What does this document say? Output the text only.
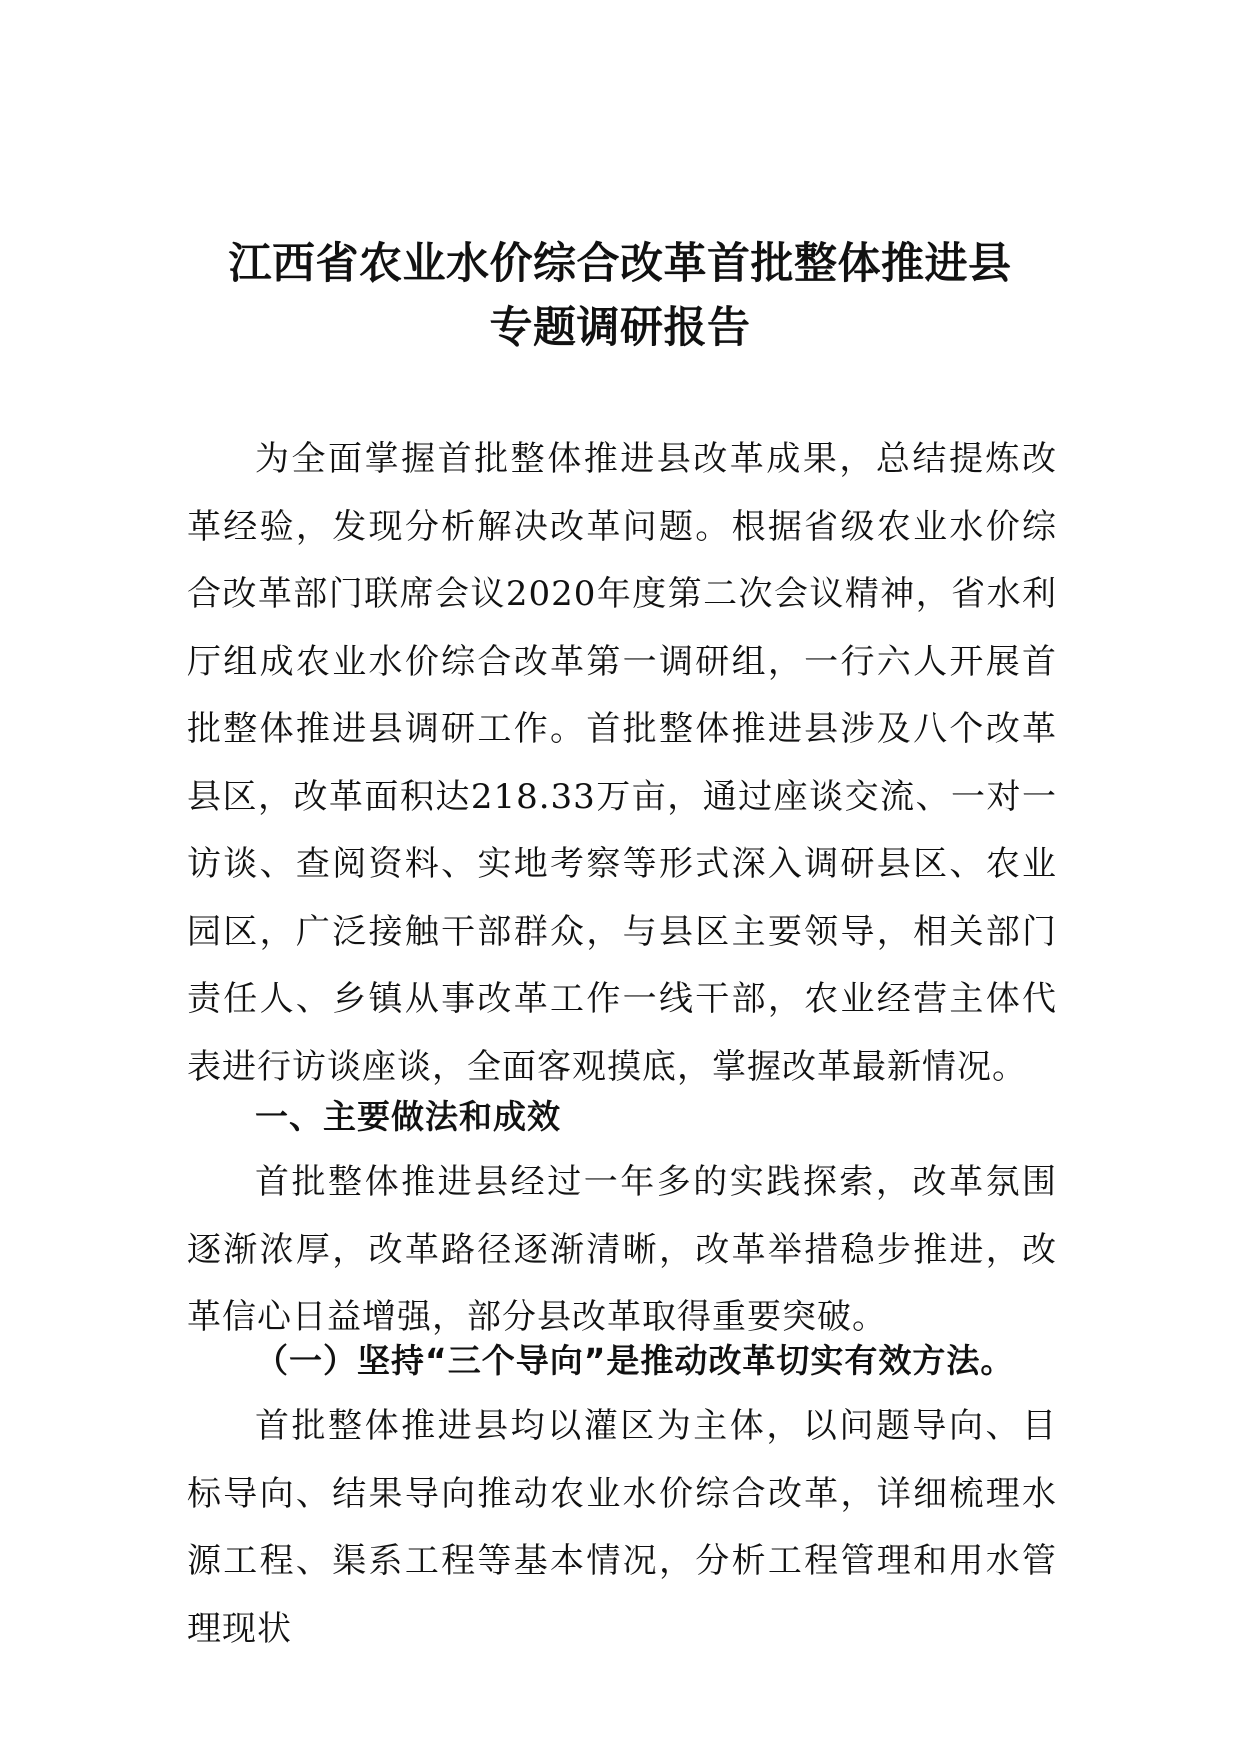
江西省农业水价综合改革首批整体推进县
专题调研报告

为全面掌握首批整体推进县改革成果，总结提炼改革经验，发现分析解决改革问题。根据省级农业水价综合改革部门联席会议2020年度第二次会议精神，省水利厅组成农业水价综合改革第一调研组，一行六人开展首批整体推进县调研工作。首批整体推进县涉及八个改革县区，改革面积达218.33万亩，通过座谈交流、一对一访谈、查阅资料、实地考察等形式深入调研县区、农业园区，广泛接触干部群众，与县区主要领导，相关部门责任人、乡镇从事改革工作一线干部，农业经营主体代表进行访谈座谈，全面客观摸底，掌握改革最新情况。

一、主要做法和成效

首批整体推进县经过一年多的实践探索，改革氛围逐渐浓厚，改革路径逐渐清晰，改革举措稳步推进，改革信心日益增强，部分县改革取得重要突破。

（一）坚持“三个导向”是推动改革切实有效方法。

首批整体推进县均以灌区为主体，以问题导向、目标导向、结果导向推动农业水价综合改革，详细梳理水源工程、渠系工程等基本情况，分析工程管理和用水管理现状
